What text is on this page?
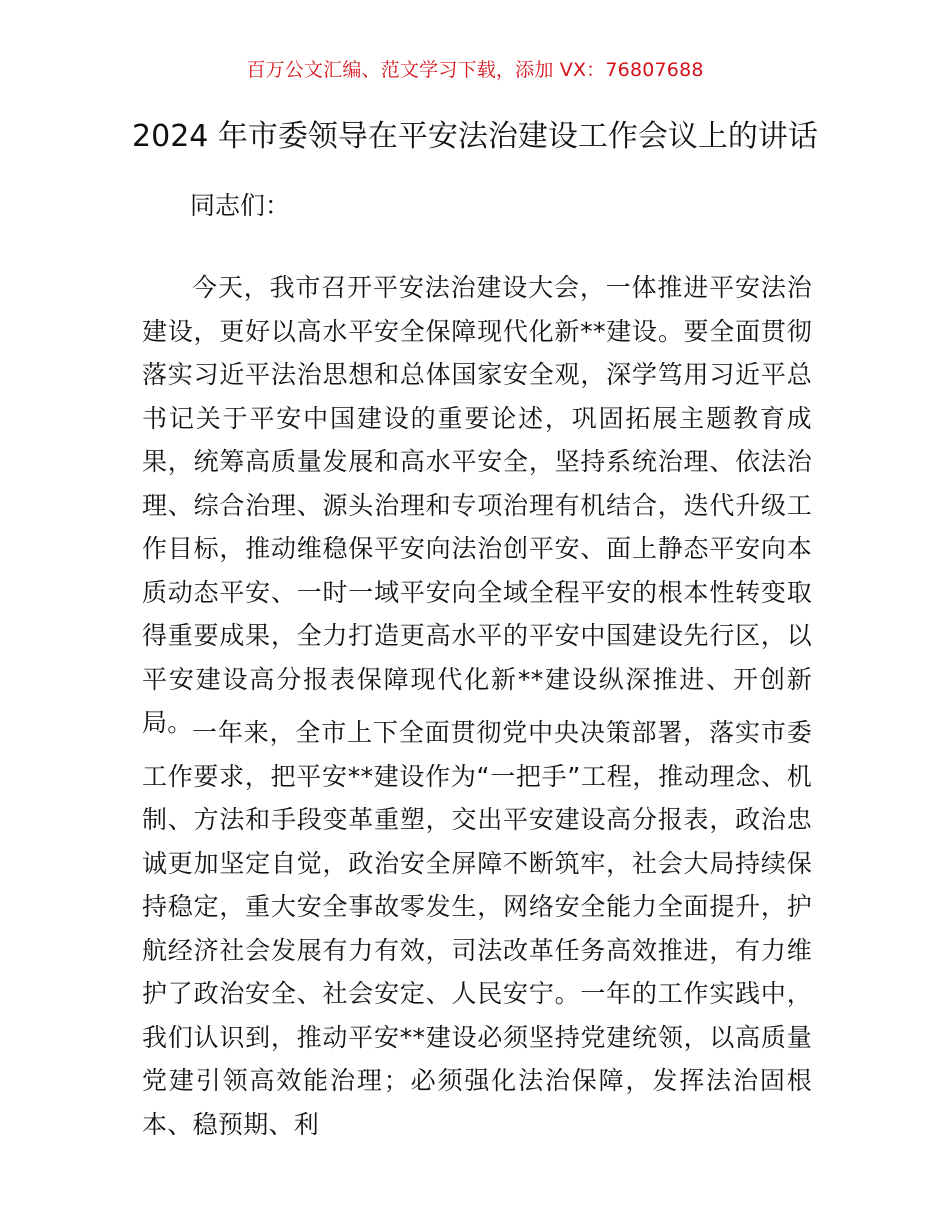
百万公文汇编、范文学习下载，添加 VX：76807688
2024 年市委领导在平安法治建设工作会议上的讲话

同志们：

今天，我市召开平安法治建设大会，一体推进平安法治建设，更好以高水平安全保障现代化新**建设。要全面贯彻落实习近平法治思想和总体国家安全观，深学笃用习近平总书记关于平安中国建设的重要论述，巩固拓展主题教育成果，统筹高质量发展和高水平安全，坚持系统治理、依法治理、综合治理、源头治理和专项治理有机结合，迭代升级工作目标，推动维稳保平安向法治创平安、面上静态平安向本质动态平安、一时一域平安向全域全程平安的根本性转变取得重要成果，全力打造更高水平的平安中国建设先行区，以平安建设高分报表保障现代化新**建设纵深推进、开创新局。 一年来，全市上下全面贯彻党中央决策部署，落实市委工作要求，把平安**建设作为“一把手”工程，推动理念、机制、方法和手段变革重塑，交出平安建设高分报表，政治忠诚更加坚定自觉，政治安全屏障不断筑牢，社会大局持续保持稳定，重大安全事故零发生，网络安全能力全面提升，护航经济社会发展有力有效，司法改革任务高效推进，有力维护了政治安全、社会安定、人民安宁。一年的工作实践中，我们认识到，推动平安**建设必须坚持党建统领，以高质量党建引领高效能治理；必须强化法治保障，发挥法治固根本、稳预期、利
